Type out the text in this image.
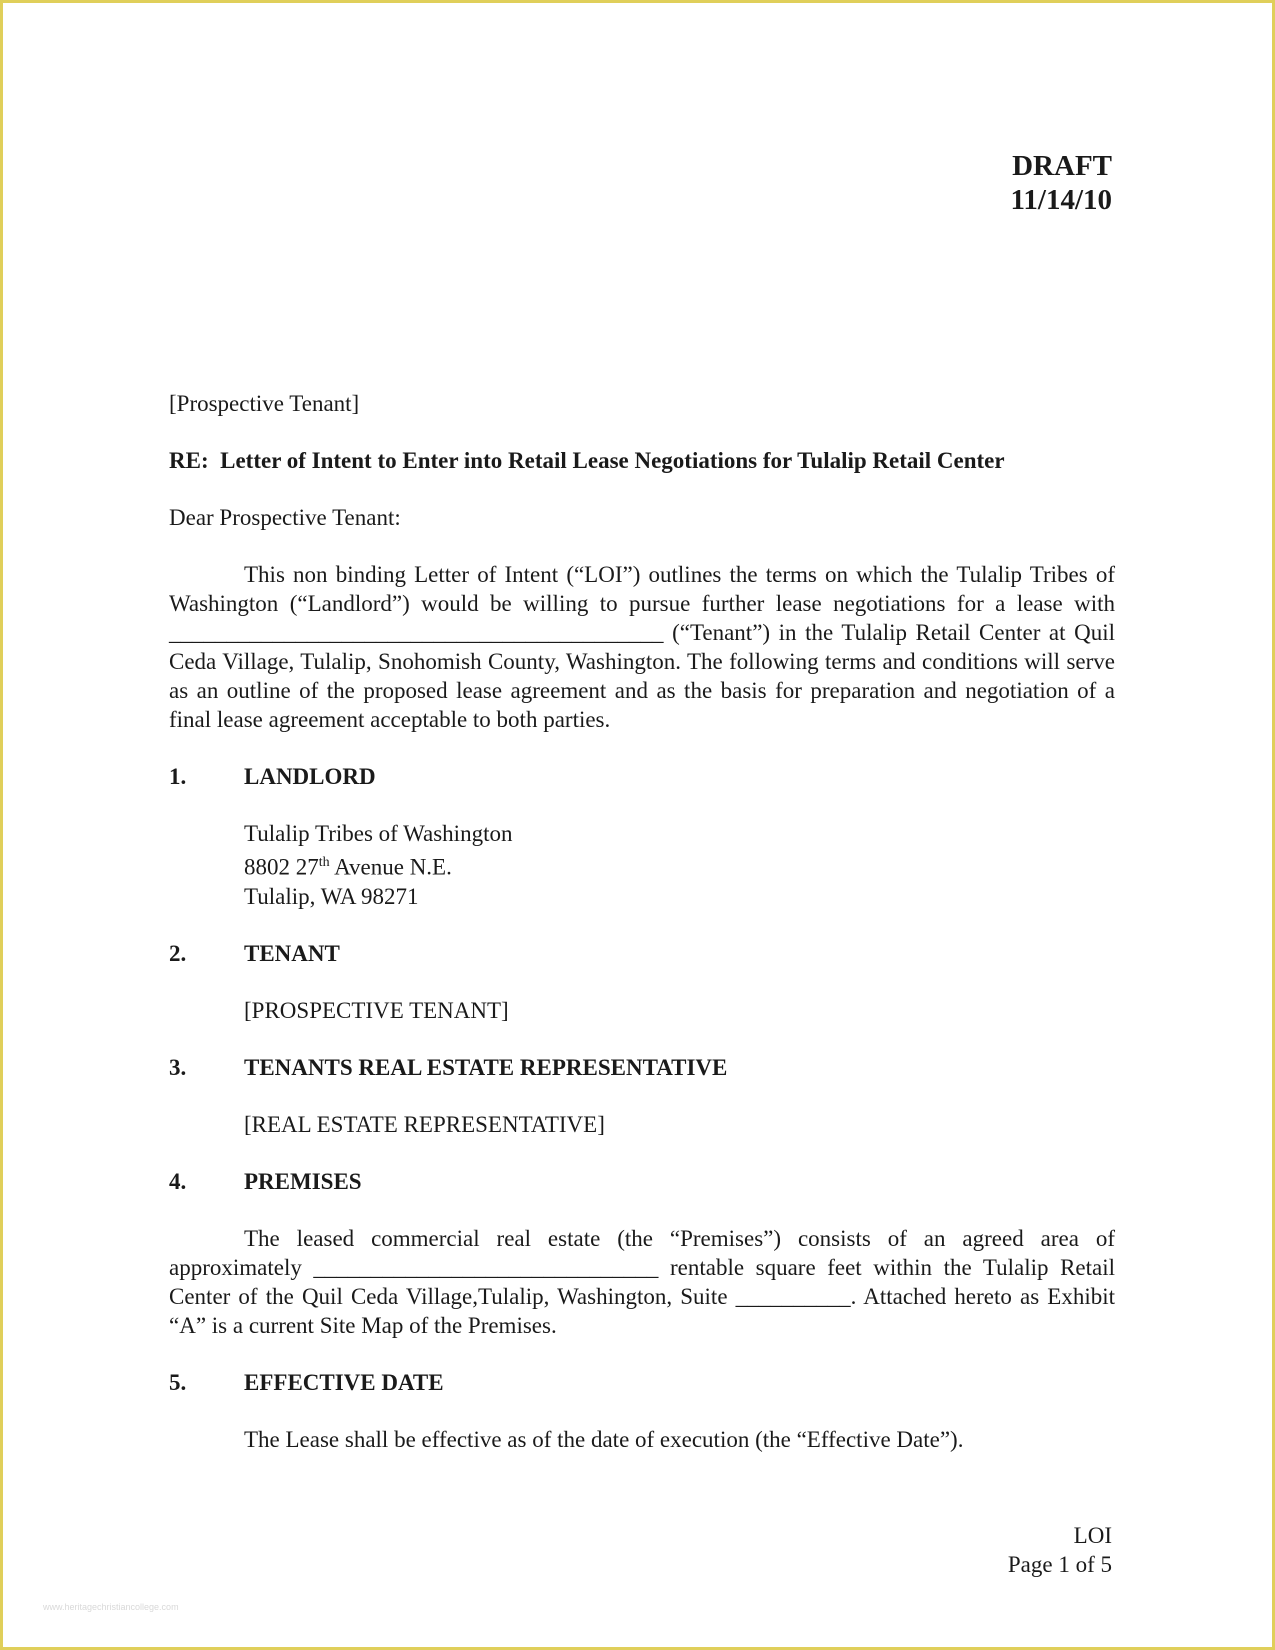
DRAFT
11/14/10

[Prospective Tenant]

RE: Letter of Intent to Enter into Retail Lease Negotiations for Tulalip Retail Center

Dear Prospective Tenant:

This non binding Letter of Intent (“LOI”) outlines the terms on which the Tulalip Tribes of Washington (“Landlord”) would be willing to pursue further lease negotiations for a lease with ___________________________________________ (“Tenant”) in the Tulalip Retail Center at Quil Ceda Village, Tulalip, Snohomish County, Washington. The following terms and conditions will serve as an outline of the proposed lease agreement and as the basis for preparation and negotiation of a final lease agreement acceptable to both parties.

1.	LANDLORD
Tulalip Tribes of Washington
8802 27th Avenue N.E.
Tulalip, WA 98271
2.	TENANT

[PROSPECTIVE TENANT]

3.	TENANTS REAL ESTATE REPRESENTATIVE

[REAL ESTATE REPRESENTATIVE]

4.	PREMISES

The leased commercial real estate (the “Premises”) consists of an agreed area of approximately ______________________________ rentable square feet within the Tulalip Retail Center of the Quil Ceda Village,Tulalip, Washington, Suite __________. Attached hereto as Exhibit “A” is a current Site Map of the Premises.

5.	EFFECTIVE DATE

The Lease shall be effective as of the date of execution (the “Effective Date”).

LOI
Page 1 of 5
www.heritagechristiancollege.com
